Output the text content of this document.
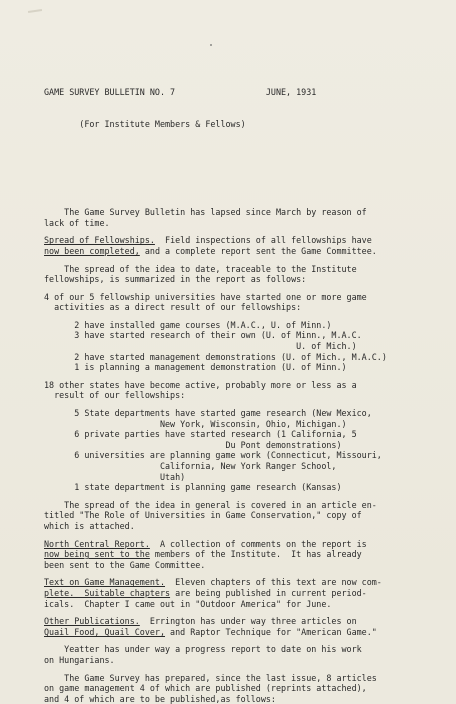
GAME SURVEY BULLETIN NO. 7	JUNE, 1931

(For Institute Members & Fellows)

The Game Survey Bulletin has lapsed since March by reason of
lack of time.
Spread of Fellowships.  Field inspections of all fellowships have
now been completed, and a complete report sent the Game Committee.
The spread of the idea to date, traceable to the Institute
fellowships, is summarized in the report as follows:
4 of our 5 fellowship universities have started one or more game
activities as a direct result of our fellowships:
2 have installed game courses (M.A.C., U. of Minn.)
3 have started research of their own (U. of Minn., M.A.C.
U. of Mich.)
2 have started management demonstrations (U. of Mich., M.A.C.)
1 is planning a management demonstration (U. of Minn.)
18 other states have become active, probably more or less as a
result of our fellowships:
5 State departments have started game research (New Mexico,
New York, Wisconsin, Ohio, Michigan.)
6 private parties have started research (1 California, 5
Du Pont demonstrations)
6 universities are planning game work (Connecticut, Missouri,
California, New York Ranger School,
Utah)
1 state department is planning game research (Kansas)
The spread of the idea in general is covered in an article en-
titled "The Role of Universities in Game Conservation," copy of
which is attached.
North Central Report.  A collection of comments on the report is
now being sent to the members of the Institute.  It has already
been sent to the Game Committee.
Text on Game Management.  Eleven chapters of this text are now com-
plete.  Suitable chapters are being published in current period-
icals.  Chapter I came out in "Outdoor America" for June.
Other Publications.  Errington has under way three articles on
Quail Food, Quail Cover, and Raptor Technique for "American Game."
Yeatter has under way a progress report to date on his work
on Hungarians.
The Game Survey has prepared, since the last issue, 8 articles
on game management 4 of which are published (reprints attached),
and 4 of which are to be published,as follows:
